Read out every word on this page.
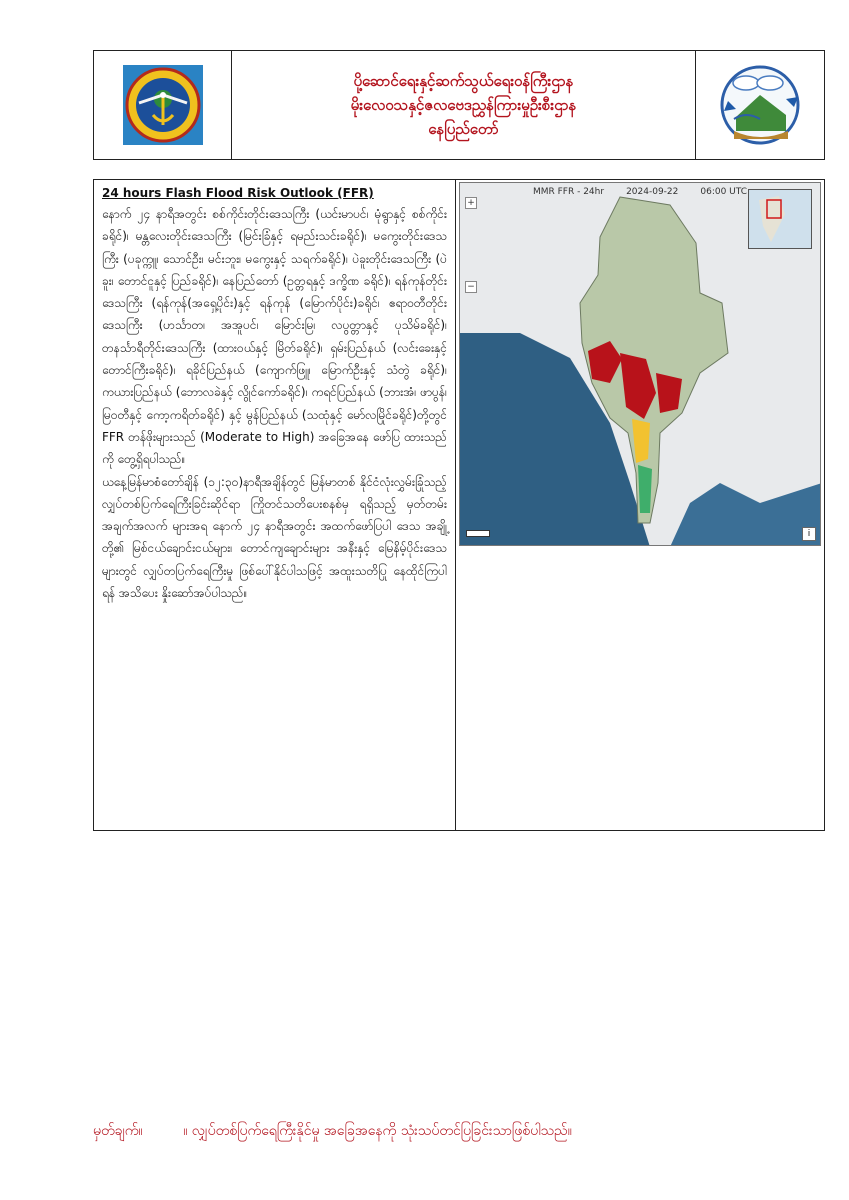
ပို့ဆောင်ရေးနှင့်ဆက်သွယ်ရေးဝန်ကြီးဌာန
မိုးလေဝသနှင့်ဇလဗေဒညွှန်ကြားမှုဦးစီးဌာန
နေပြည်တော်
24 hours Flash Flood Risk Outlook (FFR)

နောက် ၂၄ နာရီအတွင်း စစ်ကိုင်းတိုင်းဒေသကြီး (ယင်းမာပင်၊ မုံရွာနှင့် စစ်ကိုင်းခရိုင်)၊ မန္တလေးတိုင်းဒေသကြီး (မြင်းခြံနှင့် ရမည်းသင်းခရိုင်)၊ မကွေးတိုင်းဒေသကြီး (ပခုက္ကူ၊ သောင်ဦး၊ မင်းဘူး၊ မကွေးနှင့် သရက်ခရိုင်)၊ ပဲခူးတိုင်းဒေသကြီး (ပဲခူး၊ တောင်ငူနှင့် ပြည်ခရိုင်)၊ နေပြည်တော် (ဥတ္တရနှင့် ဒက္ခိဏ ခရိုင်)၊ ရန်ကုန်တိုင်းဒေသကြီး (ရန်ကုန်(အရှေ့ပိုင်း)နှင့် ရန်ကုန် (မြောက်ပိုင်း)ခရိုင်၊ ဧရာဝတီတိုင်းဒေသကြီး (ဟင်္သာတ၊ အအူပင်၊ မြောင်းမြ၊ လပွတ္တာနှင့် ပုသိမ်ခရိုင်)၊ တနင်္သာရီတိုင်းဒေသကြီး (ထားဝယ်နှင့် မြိတ်ခရိုင်)၊ ရှမ်းပြည်နယ် (လင်းခေးနှင့် တောင်ကြီးခရိုင်)၊ ရခိုင်ပြည်နယ် (ကျောက်ဖြူ၊ မြောက်ဦးနှင့် သံတွဲ ခရိုင်)၊ ကယားပြည်နယ် (ဘောလခဲနှင့် လွိုင်ကော်ခရိုင်)၊ ကရင်ပြည်နယ် (ဘားအံ၊ ဖာပွန်၊ မြဝတီနှင့် ကော့ကရိတ်ခရိုင်) နှင့် မွန်ပြည်နယ် (သထုံနှင့် မော်လမြိုင်ခရိုင်)တို့တွင် FFR တန်ဖိုးများသည် (Moderate to High) အခြေအနေ ဖော်ပြ ထားသည်ကို တွေ့ရှိရပါသည်။

ယနေ့မြန်မာစံတော်ချိန် (၁၂:၃၀)နာရီအချိန်တွင် မြန်မာတစ် နိုင်ငံလုံးလွှမ်းခြုံသည့် လျှပ်တစ်ပြက်ရေကြီးခြင်းဆိုင်ရာ ကြိုတင်သတိပေးစနစ်မှ ရရှိသည့် မှတ်တမ်းအချက်အလက် များအရ နောက် ၂၄ နာရီအတွင်း အထက်ဖော်ပြပါ ဒေသ အချို့တို့၏ မြစ်ငယ်ချောင်းငယ်များ၊ တောင်ကျချောင်းများ အနီးနှင့် မြေနိမ့်ပိုင်းဒေသများတွင် လျှပ်တပြက်ရေကြီးမှု ဖြစ်ပေါ်နိုင်ပါသဖြင့် အထူးသတိပြု နေထိုင်ကြပါရန် အသိပေး နှိုးဆော်အပ်ပါသည်။

MMR FFR - 24hr 2024-09-22 06:00 UTC
+
−
i
မှတ်ချက်။	။ လျှပ်တစ်ပြက်ရေကြီးနိုင်မှု အခြေအနေကို သုံးသပ်တင်ပြခြင်းသာဖြစ်ပါသည်။
